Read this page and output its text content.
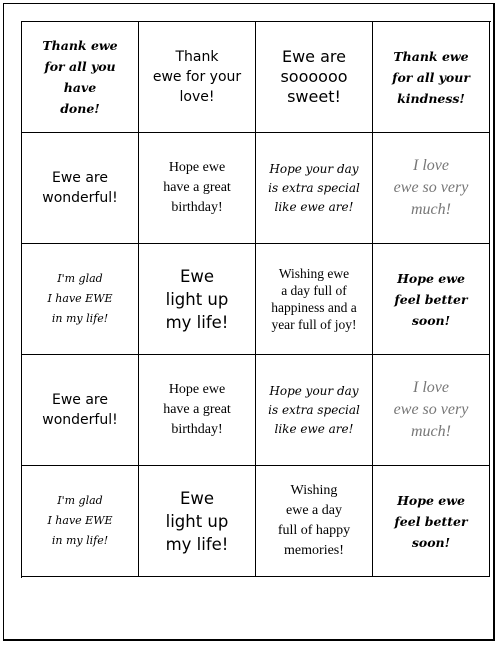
Thank ewe
for all you have
done!
Thank
ewe for your
love!
Ewe are
soooooo
sweet!
Thank ewe
for all your
kindness!
Ewe are
wonderful!
Hope ewe
have a great
birthday!
Hope your day
is extra special
like ewe are!
I love
ewe so very
much!
I'm glad
I have EWE
in my life!
Ewe
light up
my life!
Wishing ewe
a day full of
happiness and a
year full of joy!
Hope ewe
feel better
soon!
Ewe are
wonderful!
Hope ewe
have a great
birthday!
Hope your day
is extra special
like ewe are!
I love
ewe so very
much!
I'm glad
I have EWE
in my life!
Ewe
light up
my life!
Wishing
ewe a day
full of happy
memories!
Hope ewe
feel better
soon!
